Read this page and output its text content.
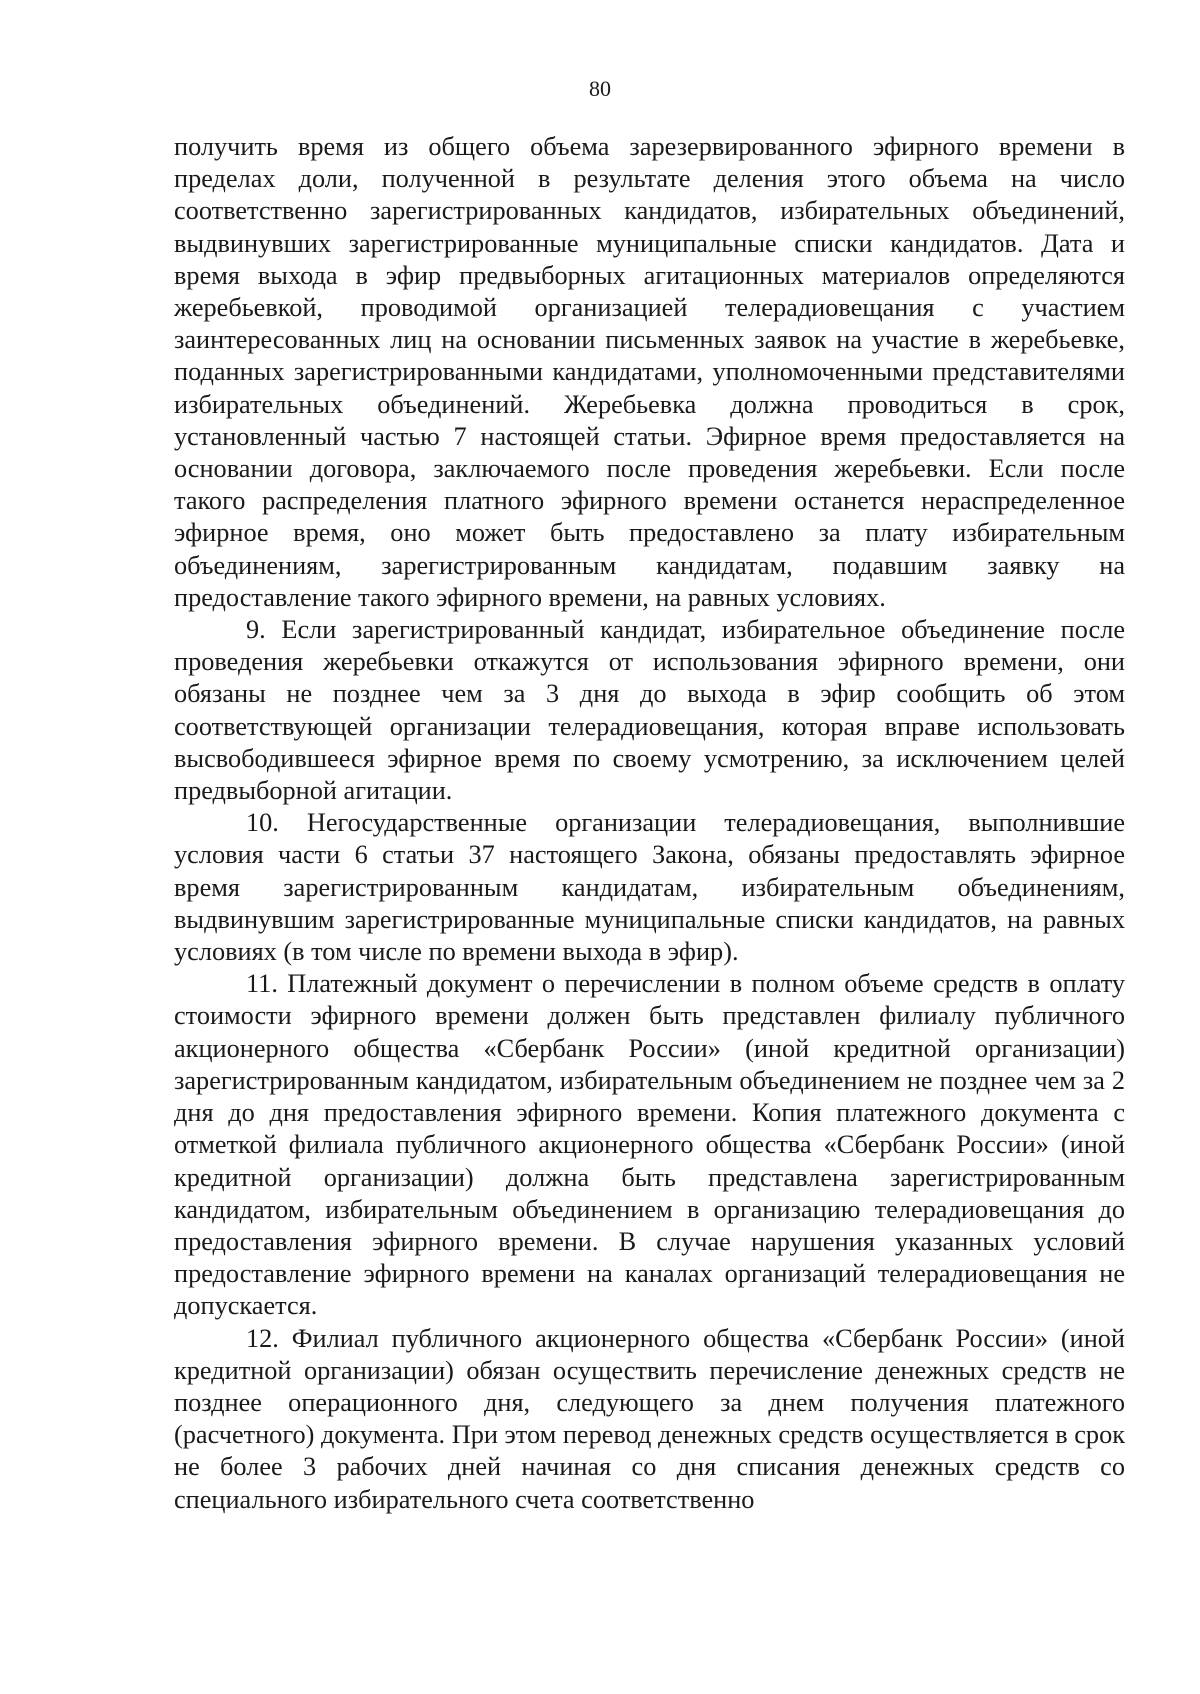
80

получить время из общего объема зарезервированного эфирного времени в пределах доли, полученной в результате деления этого объема на число соответственно зарегистрированных кандидатов, избирательных объединений, выдвинувших зарегистрированные муниципальные списки кандидатов. Дата и время выхода в эфир предвыборных агитационных материалов определяются жеребьевкой, проводимой организацией телерадиовещания с участием заинтересованных лиц на основании письменных заявок на участие в жеребьевке, поданных зарегистрированными кандидатами, уполномоченными представителями избирательных объединений. Жеребьевка должна проводиться в срок, установленный частью 7 настоящей статьи. Эфирное время предоставляется на основании договора, заключаемого после проведения жеребьевки. Если после такого распределения платного эфирного времени останется нераспределенное эфирное время, оно может быть предоставлено за плату избирательным объединениям, зарегистрированным кандидатам, подавшим заявку на предоставление такого эфирного времени, на равных условиях.

9. Если зарегистрированный кандидат, избирательное объединение после проведения жеребьевки откажутся от использования эфирного времени, они обязаны не позднее чем за 3 дня до выхода в эфир сообщить об этом соответствующей организации телерадиовещания, которая вправе использовать высвободившееся эфирное время по своему усмотрению, за исключением целей предвыборной агитации.

10. Негосударственные организации телерадиовещания, выполнившие условия части 6 статьи 37 настоящего Закона, обязаны предоставлять эфирное время зарегистрированным кандидатам, избирательным объединениям, выдвинувшим зарегистрированные муниципальные списки кандидатов, на равных условиях (в том числе по времени выхода в эфир).

11. Платежный документ о перечислении в полном объеме средств в оплату стоимости эфирного времени должен быть представлен филиалу публичного акционерного общества «Сбербанк России» (иной кредитной организации) зарегистрированным кандидатом, избирательным объединением не позднее чем за 2 дня до дня предоставления эфирного времени. Копия платежного документа с отметкой филиала публичного акционерного общества «Сбербанк России» (иной кредитной организации) должна быть представлена зарегистрированным кандидатом, избирательным объединением в организацию телерадиовещания до предоставления эфирного времени. В случае нарушения указанных условий предоставление эфирного времени на каналах организаций телерадиовещания не допускается.

12. Филиал публичного акционерного общества «Сбербанк России» (иной кредитной организации) обязан осуществить перечисление денежных средств не позднее операционного дня, следующего за днем получения платежного (расчетного) документа. При этом перевод денежных средств осуществляется в срок не более 3 рабочих дней начиная со дня списания денежных средств со специального избирательного счета соответственно
